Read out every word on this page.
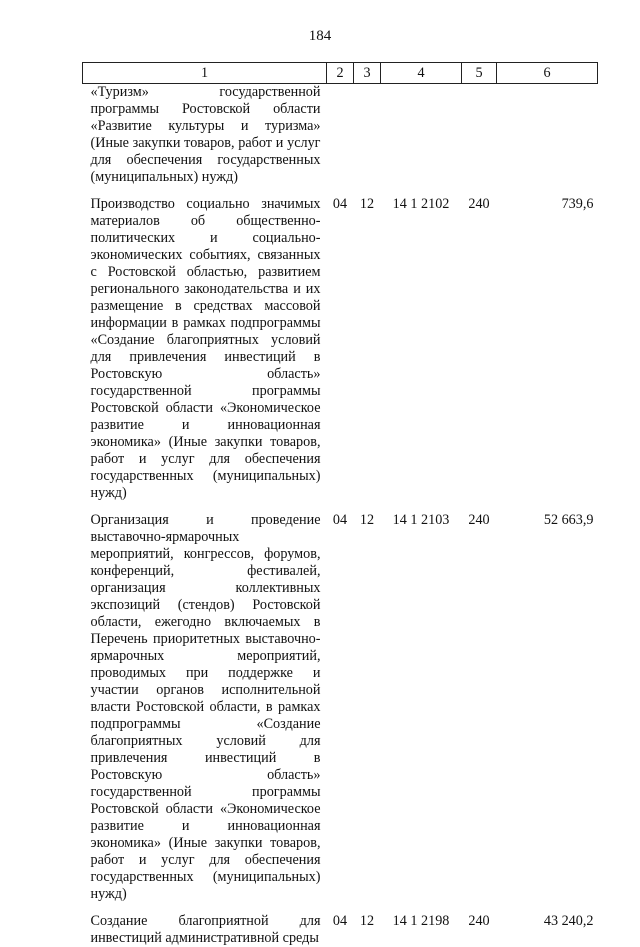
184
1	2	3	4	5	6
«Туризм» государственной программы Ростовской области «Развитие культуры и туризма» (Иные закупки товаров, работ и услуг для обеспечения государственных (муниципальных) нужд)					
Производство социально значимых материалов об общественно-политических и социально-экономических событиях, связанных с Ростовской областью, развитием регионального законодательства и их размещение в средствах массовой информации в рамках подпрограммы «Создание благоприятных условий для привлечения инвестиций в Ростовскую область» государственной программы Ростовской области «Экономическое развитие и инновационная экономика» (Иные закупки товаров, работ и услуг для обеспечения государственных (муниципальных) нужд)	04	12	14 1 2102	240	739,6
Организация и проведение выставочно-ярмарочных мероприятий, конгрессов, форумов, конференций, фестивалей, организация коллективных экспозиций (стендов) Ростовской области, ежегодно включаемых в Перечень приоритетных выставочно-ярмарочных мероприятий, проводимых при поддержке и участии органов исполнительной власти Ростовской области, в рамках подпрограммы «Создание благоприятных условий для привлечения инвестиций в Ростовскую область» государственной программы Ростовской области «Экономическое развитие и инновационная экономика» (Иные закупки товаров, работ и услуг для обеспечения государственных (муниципальных) нужд)	04	12	14 1 2103	240	52 663,9
Создание благоприятной для инвестиций административной среды	04	12	14 1 2198	240	43 240,2
